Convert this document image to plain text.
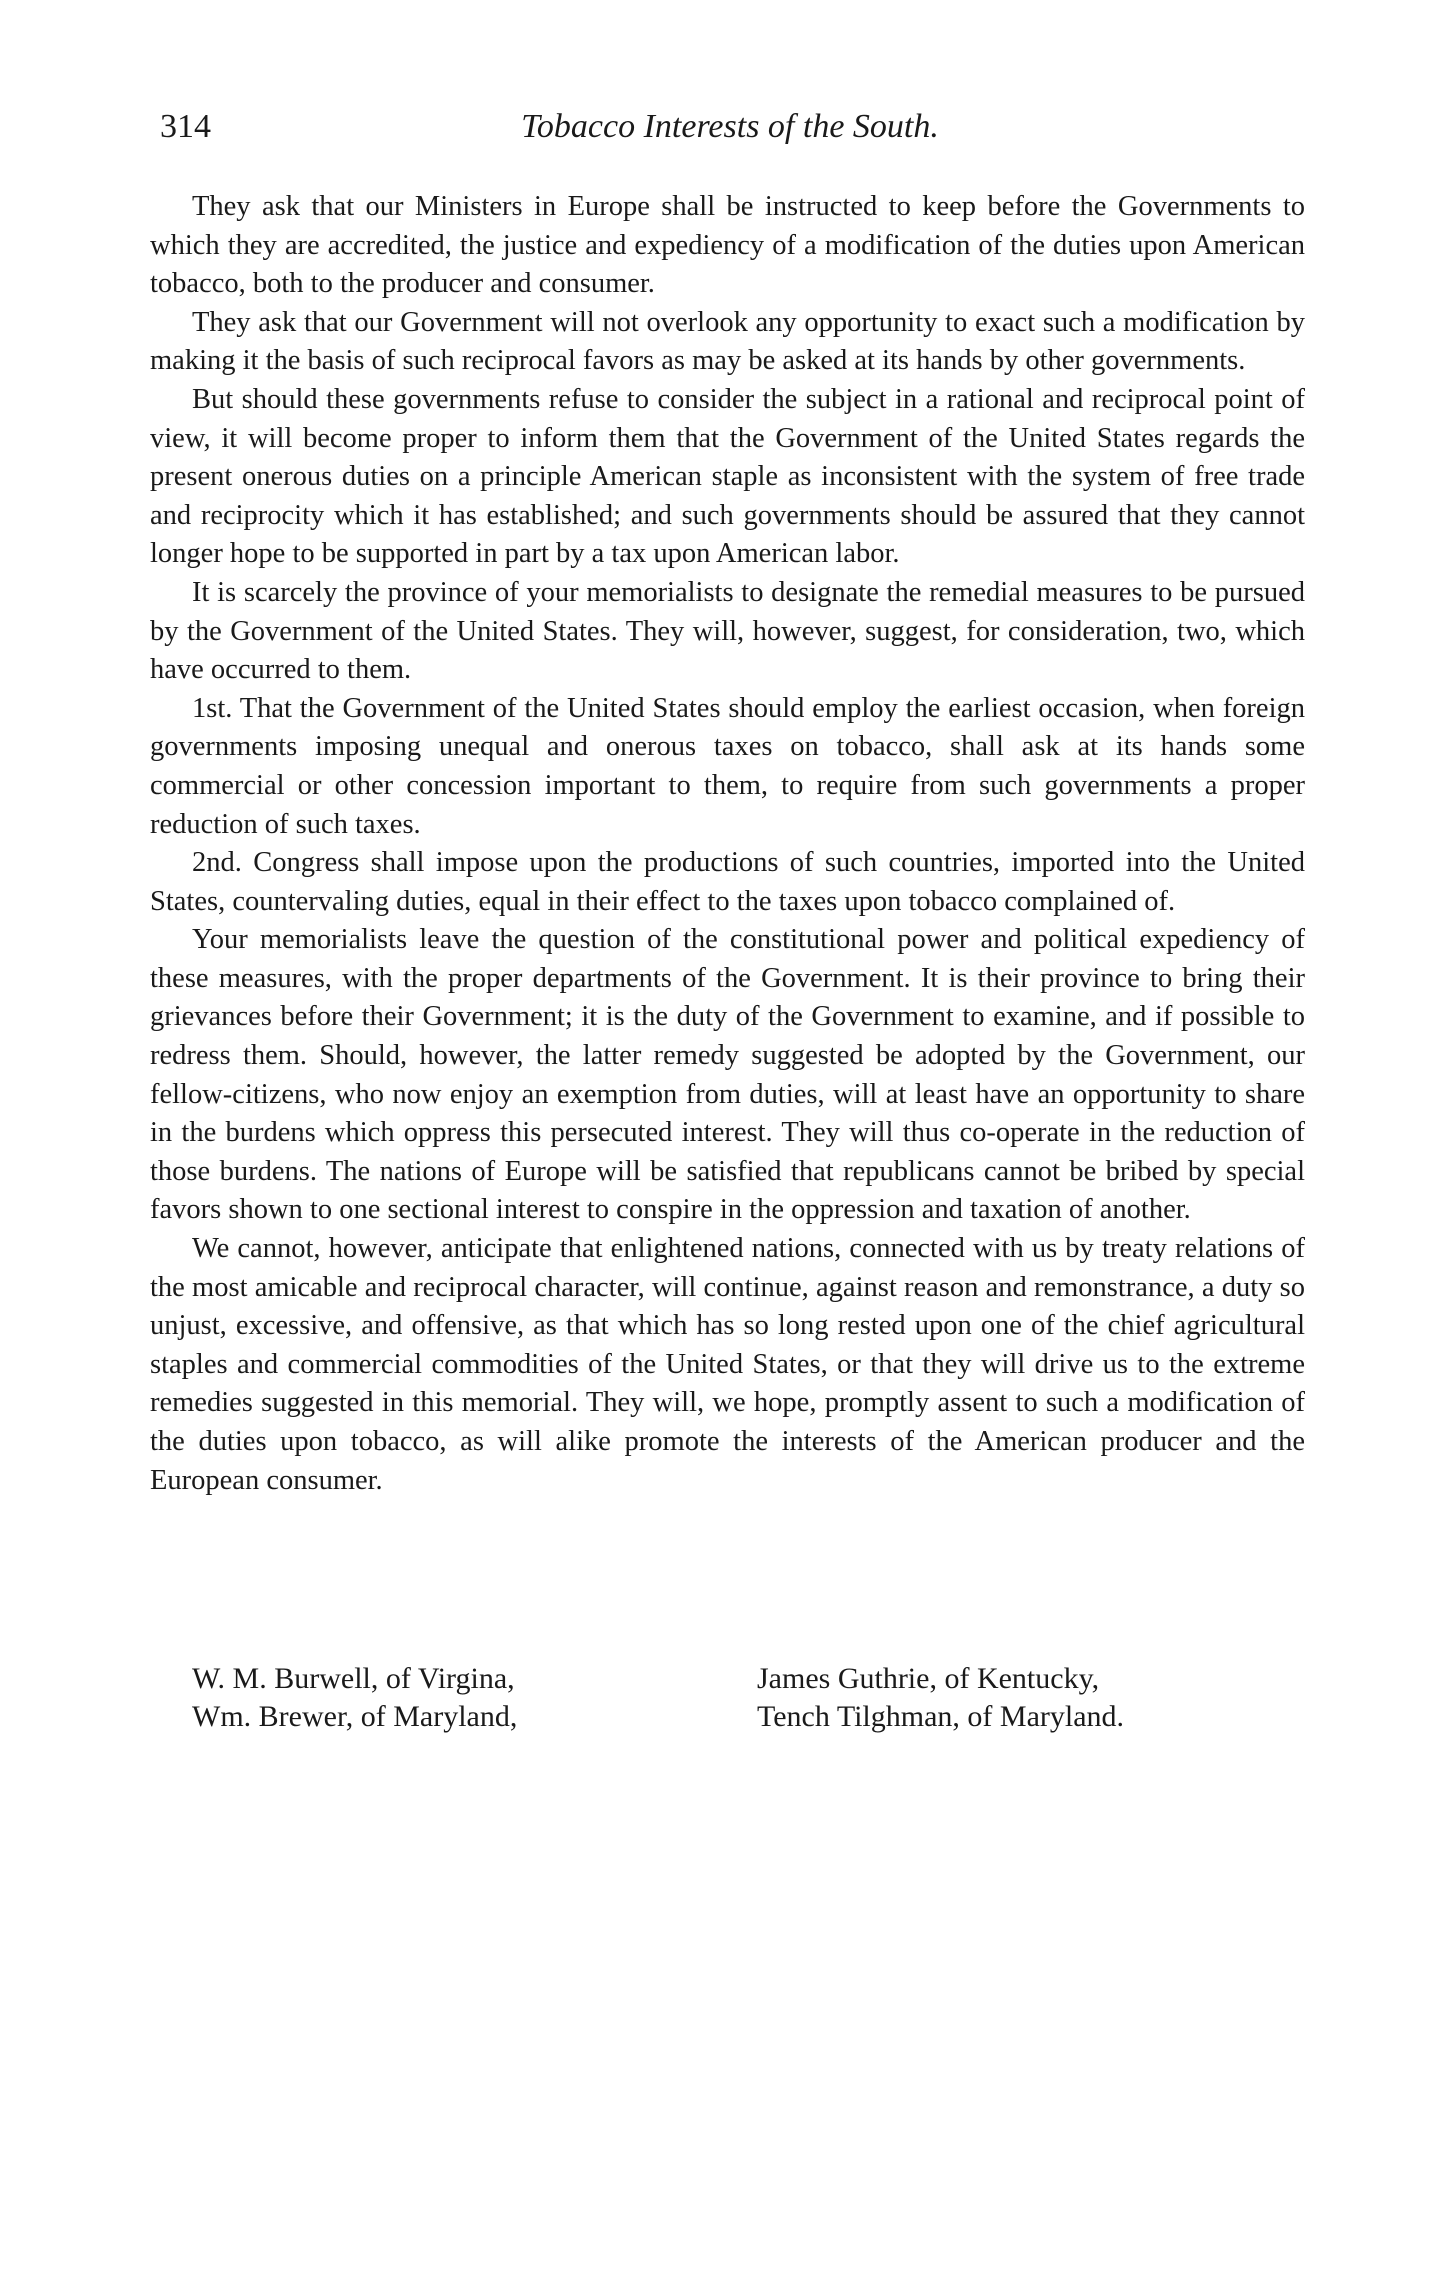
314	Tobacco Interests of the South.

They ask that our Ministers in Europe shall be instructed to keep before the Governments to which they are accredited, the justice and expediency of a modification of the duties upon American tobacco, both to the producer and consumer.

They ask that our Government will not overlook any opportunity to exact such a modification by making it the basis of such reciprocal favors as may be asked at its hands by other governments.

But should these governments refuse to consider the subject in a rational and reciprocal point of view, it will become proper to inform them that the Government of the United States regards the present onerous duties on a principle American staple as inconsistent with the system of free trade and reciprocity which it has established; and such governments should be assured that they cannot longer hope to be supported in part by a tax upon American labor.

It is scarcely the province of your memorialists to designate the remedial measures to be pursued by the Government of the United States. They will, however, suggest, for consideration, two, which have occurred to them.

1st. That the Government of the United States should employ the earliest occasion, when foreign governments imposing unequal and onerous taxes on tobacco, shall ask at its hands some commercial or other concession important to them, to require from such governments a proper reduction of such taxes.

2nd. Congress shall impose upon the productions of such countries, imported into the United States, countervaling duties, equal in their effect to the taxes upon tobacco complained of.

Your memorialists leave the question of the constitutional power and political expediency of these measures, with the proper departments of the Government. It is their province to bring their grievances before their Government; it is the duty of the Government to examine, and if possible to redress them. Should, however, the latter remedy suggested be adopted by the Government, our fellow-citizens, who now enjoy an exemption from duties, will at least have an opportunity to share in the burdens which oppress this persecuted interest. They will thus co-operate in the reduction of those burdens. The nations of Europe will be satisfied that republicans cannot be bribed by special favors shown to one sectional interest to conspire in the oppression and taxation of another.

We cannot, however, anticipate that enlightened nations, connected with us by treaty relations of the most amicable and reciprocal character, will continue, against reason and remonstrance, a duty so unjust, excessive, and offensive, as that which has so long rested upon one of the chief agricultural staples and commercial commodities of the United States, or that they will drive us to the extreme remedies suggested in this memorial. They will, we hope, promptly assent to such a modification of the duties upon tobacco, as will alike promote the interests of the American producer and the European consumer.

W. M. Burwell, of Virgina,	James Guthrie, of Kentucky,
Wm. Brewer, of Maryland,	Tench Tilghman, of Maryland.
